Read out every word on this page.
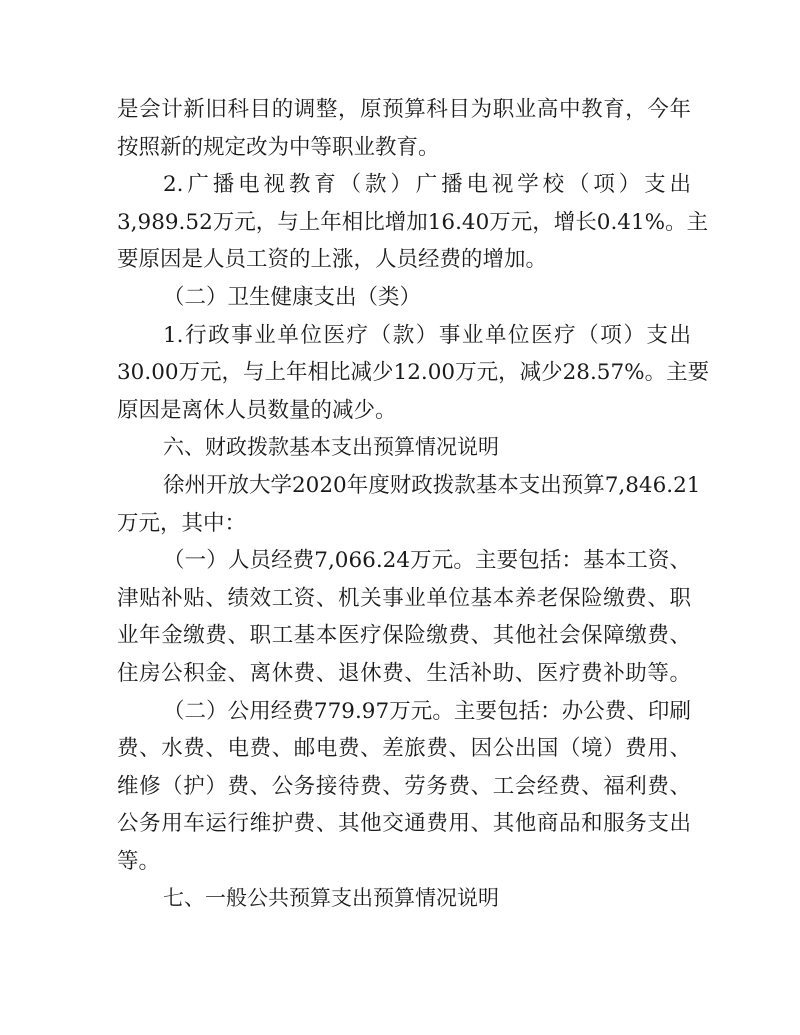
是会计新旧科目的调整，原预算科目为职业高中教育，今年
按照新的规定改为中等职业教育。
2.广播电视教育（款）广播电视学校（项）支出
3,989.52万元，与上年相比增加16.40万元，增长0.41%。主
要原因是人员工资的上涨，人员经费的增加。
（二）卫生健康支出（类）
1.行政事业单位医疗（款）事业单位医疗（项）支出
30.00万元，与上年相比减少12.00万元，减少28.57%。主要
原因是离休人员数量的减少。
六、财政拨款基本支出预算情况说明
徐州开放大学2020年度财政拨款基本支出预算7,846.21
万元，其中：
（一）人员经费7,066.24万元。主要包括：基本工资、
津贴补贴、绩效工资、机关事业单位基本养老保险缴费、职
业年金缴费、职工基本医疗保险缴费、其他社会保障缴费、
住房公积金、离休费、退休费、生活补助、医疗费补助等。
（二）公用经费779.97万元。主要包括：办公费、印刷
费、水费、电费、邮电费、差旅费、因公出国（境）费用、
维修（护）费、公务接待费、劳务费、工会经费、福利费、
公务用车运行维护费、其他交通费用、其他商品和服务支出
等。
七、一般公共预算支出预算情况说明
